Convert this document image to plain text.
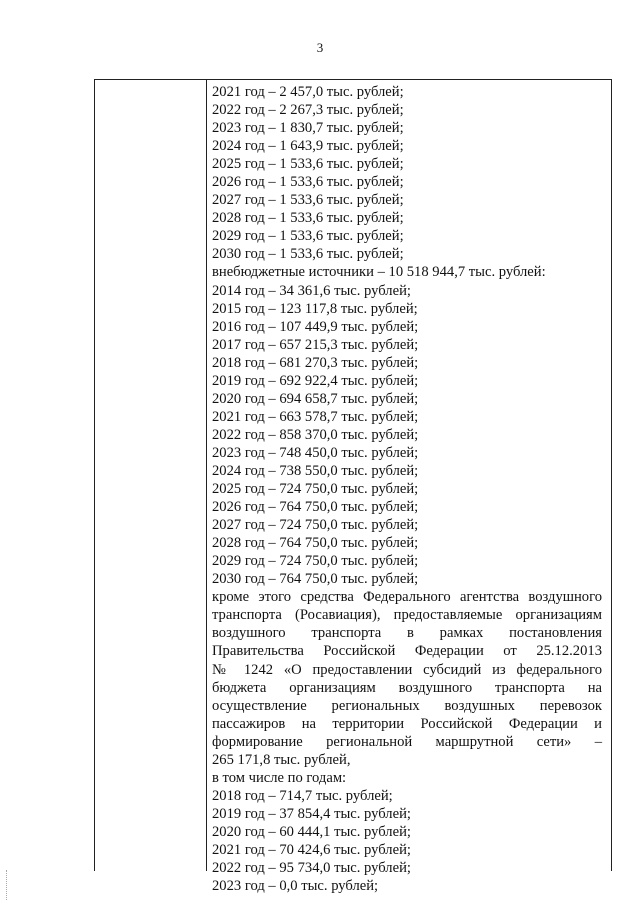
3
2021 год – 2 457,0 тыс. рублей;
2022 год – 2 267,3 тыс. рублей;
2023 год – 1 830,7 тыс. рублей;
2024 год – 1 643,9 тыс. рублей;
2025 год – 1 533,6 тыс. рублей;
2026 год – 1 533,6 тыс. рублей;
2027 год – 1 533,6 тыс. рублей;
2028 год – 1 533,6 тыс. рублей;
2029 год – 1 533,6 тыс. рублей;
2030 год – 1 533,6 тыс. рублей;
внебюджетные источники – 10 518 944,7 тыс. рублей:
2014 год – 34 361,6 тыс. рублей;
2015 год – 123 117,8 тыс. рублей;
2016 год – 107 449,9 тыс. рублей;
2017 год – 657 215,3 тыс. рублей;
2018 год – 681 270,3 тыс. рублей;
2019 год – 692 922,4 тыс. рублей;
2020 год – 694 658,7 тыс. рублей;
2021 год – 663 578,7 тыс. рублей;
2022 год – 858 370,0 тыс. рублей;
2023 год – 748 450,0 тыс. рублей;
2024 год – 738 550,0 тыс. рублей;
2025 год – 724 750,0 тыс. рублей;
2026 год – 764 750,0 тыс. рублей;
2027 год – 724 750,0 тыс. рублей;
2028 год – 764 750,0 тыс. рублей;
2029 год – 724 750,0 тыс. рублей;
2030 год – 764 750,0 тыс. рублей;
кроме этого средства Федерального агентства воздушного
транспорта (Росавиация), предоставляемые организациям
воздушного транспорта в рамках постановления
Правительства Российской Федерации от 25.12.2013
№ 1242 «О предоставлении субсидий из федерального
бюджета организациям воздушного транспорта на
осуществление региональных воздушных перевозок
пассажиров на территории Российской Федерации и
формирование региональной маршрутной сети» –
265 171,8 тыс. рублей,
в том числе по годам:
2018 год – 714,7 тыс. рублей;
2019 год – 37 854,4 тыс. рублей;
2020 год – 60 444,1 тыс. рублей;
2021 год – 70 424,6 тыс. рублей;
2022 год – 95 734,0 тыс. рублей;
2023 год – 0,0 тыс. рублей;
